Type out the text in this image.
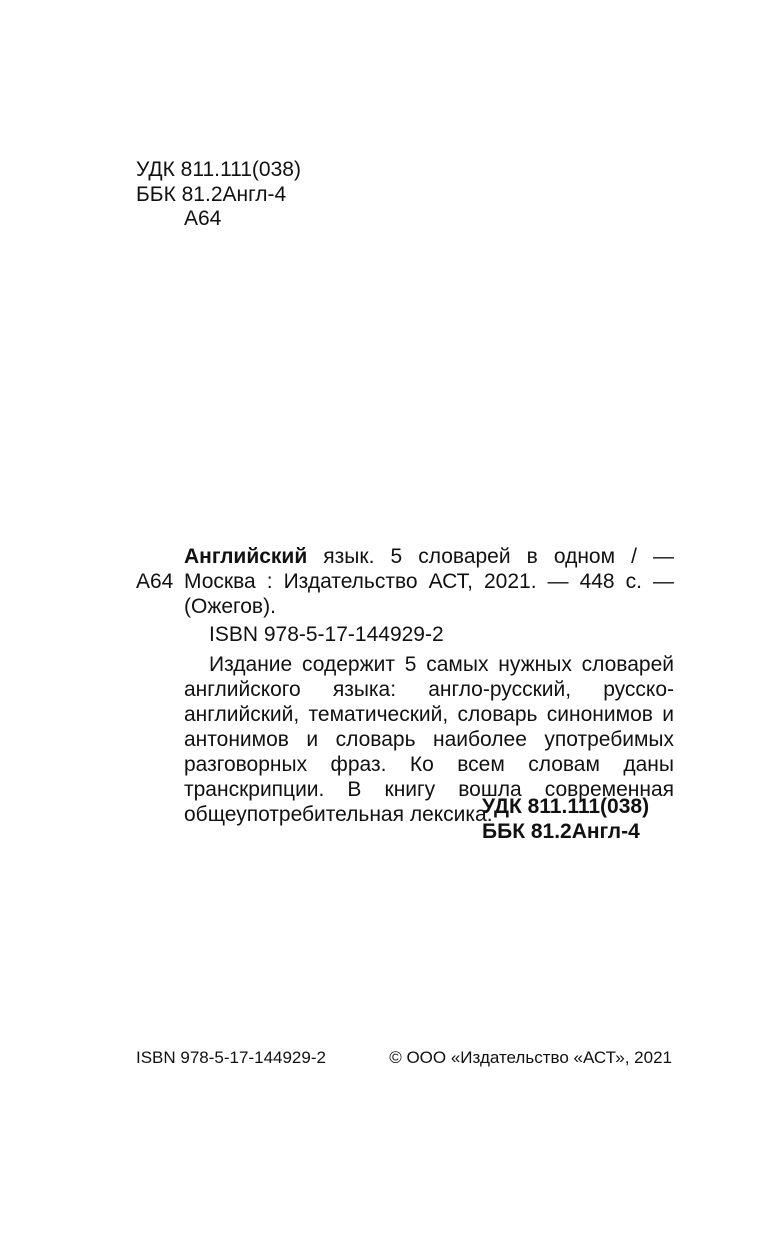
УДК 811.111(038)
ББК 81.2Англ-4
А64
А64
Английский язык. 5 словарей в одном / — Москва : Издательство АСТ, 2021. — 448 с. — (Ожегов).
ISBN 978-5-17-144929-2
Издание содержит 5 самых нужных словарей английского языка: англо-русский, русско-английский, тематический, словарь синонимов и антонимов и словарь наиболее употребимых разговорных фраз. Ко всем словам даны транскрипции. В книгу вошла современная общеупотребительная лексика.
УДК 811.111(038)
ББК 81.2Англ-4
ISBN 978-5-17-144929-2	© ООО «Издательство «АСТ», 2021
